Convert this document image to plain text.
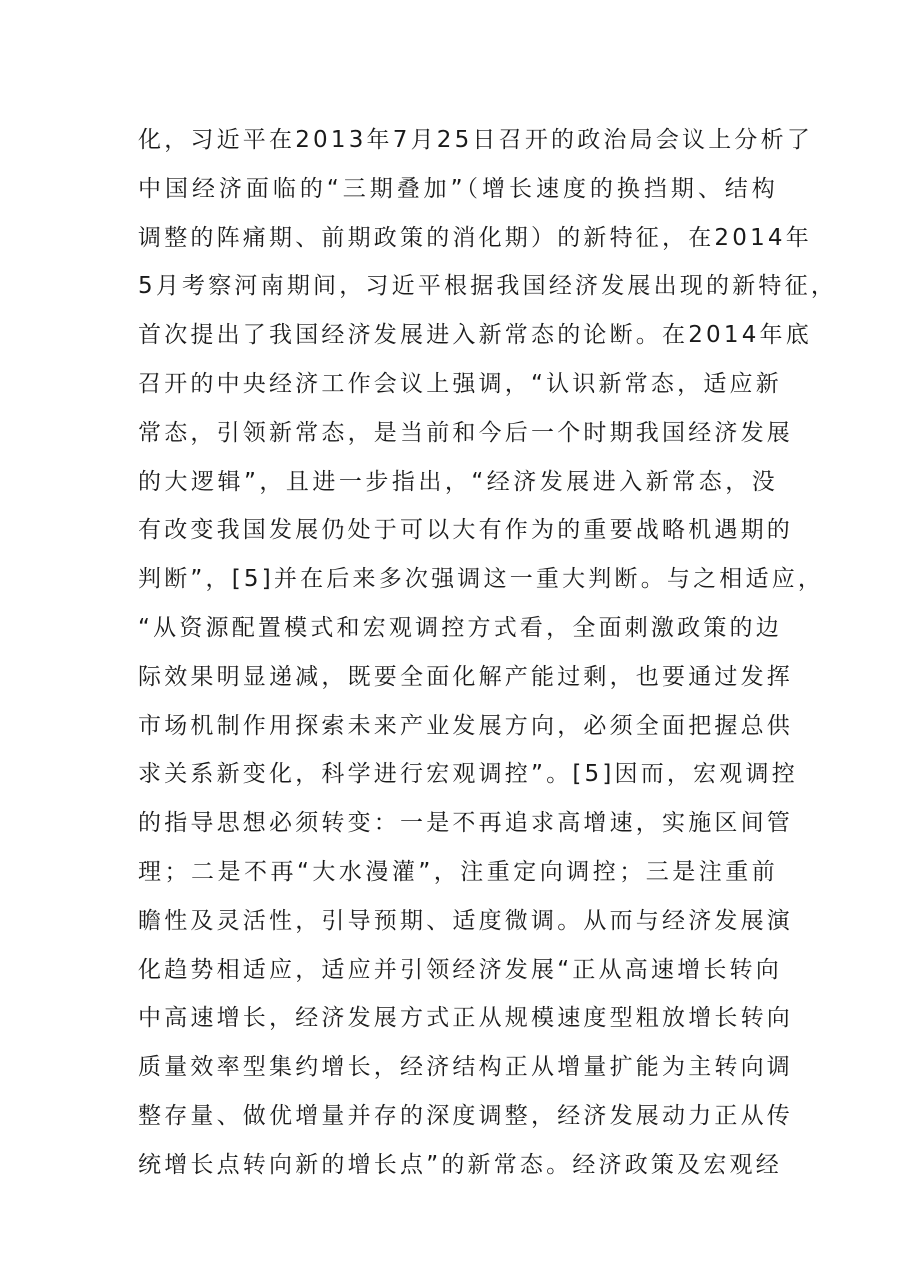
化，习近平在2013年7月25日召开的政治局会议上分析了
中国经济面临的“三期叠加”（增长速度的换挡期、结构
调整的阵痛期、前期政策的消化期）的新特征，在2014年
5月考察河南期间，习近平根据我国经济发展出现的新特征，
首次提出了我国经济发展进入新常态的论断。在2014年底
召开的中央经济工作会议上强调，“认识新常态，适应新
常态，引领新常态，是当前和今后一个时期我国经济发展
的大逻辑”，且进一步指出，“经济发展进入新常态，没
有改变我国发展仍处于可以大有作为的重要战略机遇期的
判断”，[5]并在后来多次强调这一重大判断。与之相适应，
“从资源配置模式和宏观调控方式看，全面刺激政策的边
际效果明显递减，既要全面化解产能过剩，也要通过发挥
市场机制作用探索未来产业发展方向，必须全面把握总供
求关系新变化，科学进行宏观调控”。[5]因而，宏观调控
的指导思想必须转变：一是不再追求高增速，实施区间管
理；二是不再“大水漫灌”，注重定向调控；三是注重前
瞻性及灵活性，引导预期、适度微调。从而与经济发展演
化趋势相适应，适应并引领经济发展“正从高速增长转向
中高速增长，经济发展方式正从规模速度型粗放增长转向
质量效率型集约增长，经济结构正从增量扩能为主转向调
整存量、做优增量并存的深度调整，经济发展动力正从传
统增长点转向新的增长点”的新常态。经济政策及宏观经
